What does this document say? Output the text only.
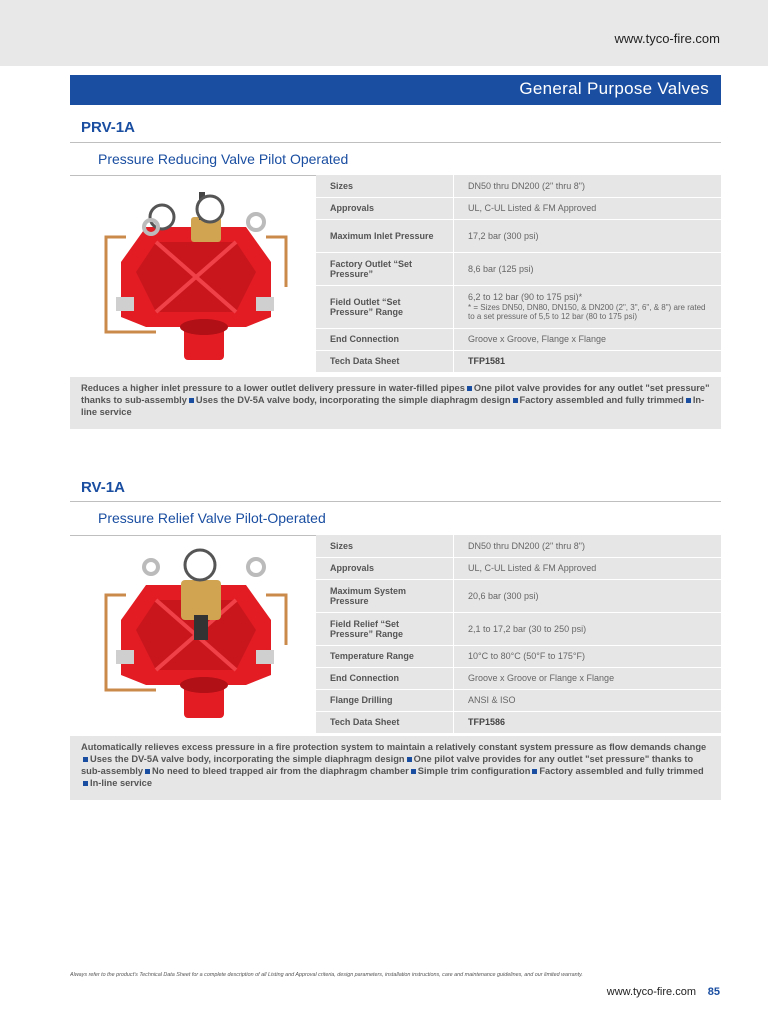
www.tyco-fire.com
General Purpose Valves
PRV-1A
Pressure Reducing Valve Pilot Operated
Sizes	DN50 thru DN200 (2" thru 8")
Approvals	UL, C-UL Listed & FM Approved
Maximum Inlet Pressure	17,2 bar (300 psi)
Factory Outlet “Set Pressure”	8,6 bar (125 psi)
Field Outlet “Set Pressure” Range	6,2 to 12 bar (90 to 175 psi)*
* = Sizes DN50, DN80, DN150, & DN200 (2", 3", 6", & 8") are rated to a set pressure of 5,5 to 12 bar (80 to 175 psi)

End Connection	Groove x Groove, Flange x Flange
Tech Data Sheet	TFP1581
Reduces a higher inlet pressure to a lower outlet delivery pressure in water-filled pipes One pilot valve provides for any outlet "set pressure" thanks to sub-assembly Uses the DV-5A valve body, incorporating the simple diaphragm design Factory assembled and fully trimmed In-line service
RV-1A
Pressure Relief Valve Pilot-Operated
Sizes	DN50 thru DN200 (2" thru 8")
Approvals	UL, C-UL Listed & FM Approved
Maximum System Pressure	20,6 bar (300 psi)
Field Relief “Set Pressure” Range	2,1 to 17,2 bar (30 to 250 psi)
Temperature Range	10°C to 80°C (50°F to 175°F)
End Connection	Groove x Groove or Flange x Flange
Flange Drilling	ANSI & ISO
Tech Data Sheet	TFP1586
Automatically relieves excess pressure in a fire protection system to maintain a relatively constant system pressure as flow demands changeUses the DV-5A valve body, incorporating the simple diaphragm design One pilot valve provides for any outlet "set pressure" thanks to sub-assembly No need to bleed trapped air from the diaphragm chamber Simple trim configuration Factory assembled and fully trimmedIn-line service
Always refer to the product's Technical Data Sheet for a complete description of all Listing and Approval criteria, design parameters, installation instructions, care and maintenance guidelines, and our limited warranty.
www.tyco-fire.com 85
